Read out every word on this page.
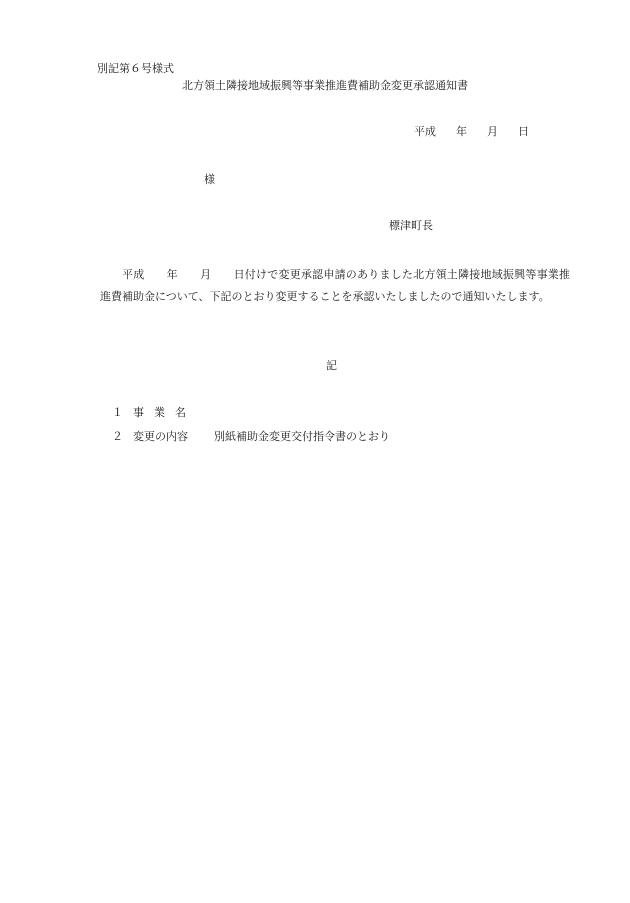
別記第６号様式
北方領土隣接地域振興等事業推進費補助金変更承認通知書
平成 年 月 日
様
標津町長
平成 年 月 日付けで変更承認申請のありました北方領土隣接地域振興等事業推進費補助金について、下記のとおり変更することを承認いたしましたので通知いたします。
記
１ 事業名
２ 変更の内容 別紙補助金変更交付指令書のとおり
